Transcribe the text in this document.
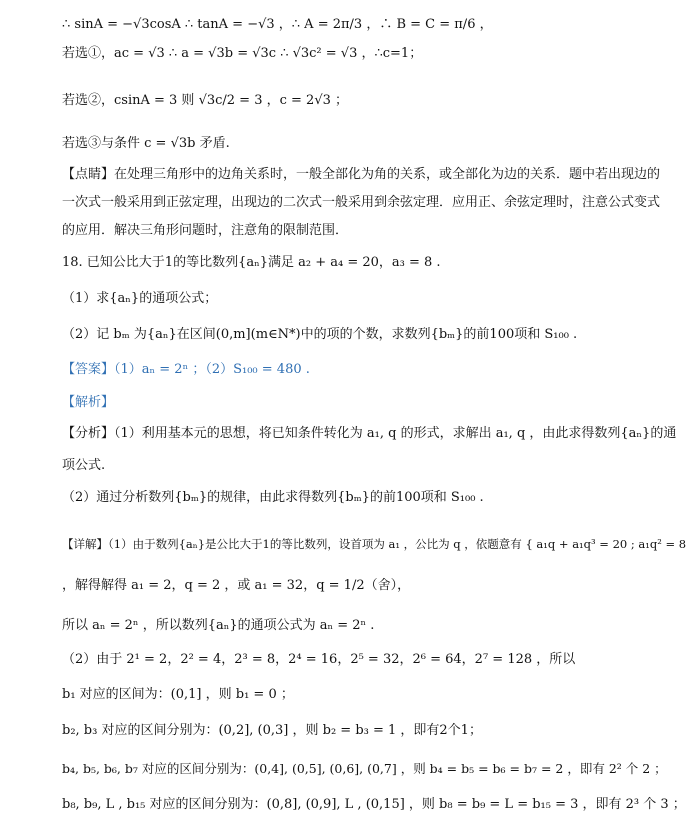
∴ sinA = −√3cosA ∴ tanA = −√3 ，∴ A = 2π/3 ，∴ B = C = π/6 ，

若选①，ac = √3 ∴ a = √3b = √3c ∴ √3c² = √3 ，∴c=1；

若选②，csinA = 3 则 √3c/2 = 3 ，c = 2√3 ；

若选③与条件 c = √3b 矛盾.

【点睛】在处理三角形中的边角关系时，一般全部化为角的关系，或全部化为边的关系．题中若出现边的

一次式一般采用到正弦定理，出现边的二次式一般采用到余弦定理．应用正、余弦定理时，注意公式变式

的应用．解决三角形问题时，注意角的限制范围．

18. 已知公比大于1的等比数列{aₙ}满足 a₂ + a₄ = 20，a₃ = 8 .

（1）求{aₙ}的通项公式；

（2）记 bₘ 为{aₙ}在区间(0,m](m∈N*)中的项的个数，求数列{bₘ}的前100项和 S₁₀₀ .

【答案】（1）aₙ = 2ⁿ ；（2）S₁₀₀ = 480 .

【解析】

【分析】（1）利用基本元的思想，将已知条件转化为 a₁, q 的形式，求解出 a₁, q ，由此求得数列{aₙ}的通

项公式.

（2）通过分析数列{bₘ}的规律，由此求得数列{bₘ}的前100项和 S₁₀₀ .

【详解】（1）由于数列{aₙ}是公比大于1的等比数列，设首项为 a₁ ，公比为 q ，依题意有 { a₁q + a₁q³ = 20 ; a₁q² = 8

，解得解得 a₁ = 2，q = 2 ，或 a₁ = 32，q = 1/2（舍），

所以 aₙ = 2ⁿ ，所以数列{aₙ}的通项公式为 aₙ = 2ⁿ .

（2）由于 2¹ = 2，2² = 4，2³ = 8，2⁴ = 16，2⁵ = 32，2⁶ = 64，2⁷ = 128 ，所以

b₁ 对应的区间为：(0,1] ，则 b₁ = 0 ；

b₂, b₃ 对应的区间分别为：(0,2], (0,3] ，则 b₂ = b₃ = 1 ，即有2个1；

b₄, b₅, b₆, b₇ 对应的区间分别为：(0,4], (0,5], (0,6], (0,7] ，则 b₄ = b₅ = b₆ = b₇ = 2 ，即有 2² 个 2 ；

b₈, b₉, L , b₁₅ 对应的区间分别为：(0,8], (0,9], L , (0,15] ，则 b₈ = b₉ = L = b₁₅ = 3 ，即有 2³ 个 3 ；
